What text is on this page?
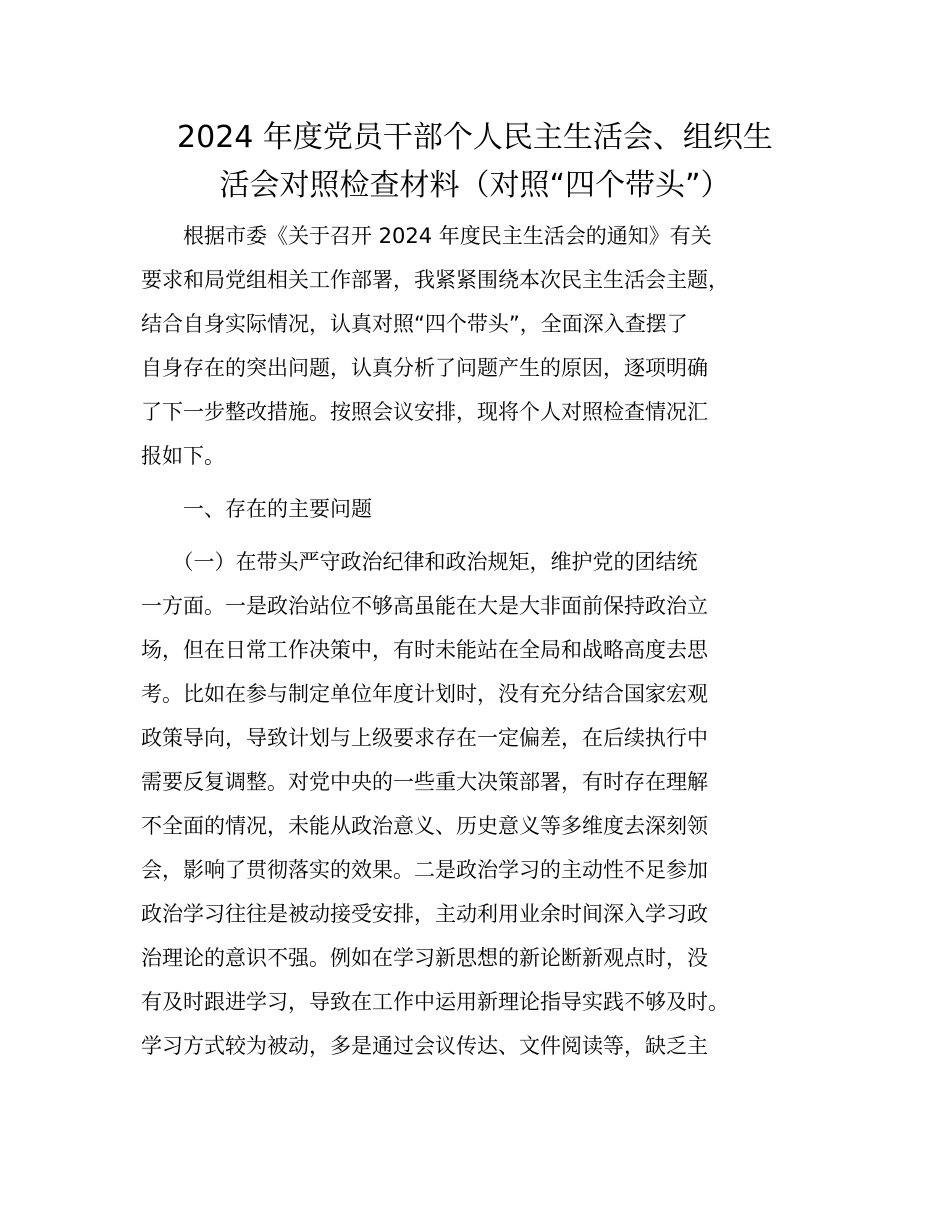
2024 年度党员干部个人民主生活会、组织生
活会对照检查材料（对照“四个带头”）

　　根据市委《关于召开 2024 年度民主生活会的通知》有关
要求和局党组相关工作部署，我紧紧围绕本次民主生活会主题，
结合自身实际情况，认真对照“四个带头”，全面深入查摆了
自身存在的突出问题，认真分析了问题产生的原因，逐项明确
了下一步整改措施。按照会议安排，现将个人对照检查情况汇
报如下。

　　一、存在的主要问题

　　（一）在带头严守政治纪律和政治规矩，维护党的团结统
一方面。一是政治站位不够高虽能在大是大非面前保持政治立
场，但在日常工作决策中，有时未能站在全局和战略高度去思
考。比如在参与制定单位年度计划时，没有充分结合国家宏观
政策导向，导致计划与上级要求存在一定偏差，在后续执行中
需要反复调整。对党中央的一些重大决策部署，有时存在理解
不全面的情况，未能从政治意义、历史意义等多维度去深刻领
会，影响了贯彻落实的效果。二是政治学习的主动性不足参加
政治学习往往是被动接受安排，主动利用业余时间深入学习政
治理论的意识不强。例如在学习新思想的新论断新观点时，没
有及时跟进学习，导致在工作中运用新理论指导实践不够及时。
学习方式较为被动，多是通过会议传达、文件阅读等，缺乏主
